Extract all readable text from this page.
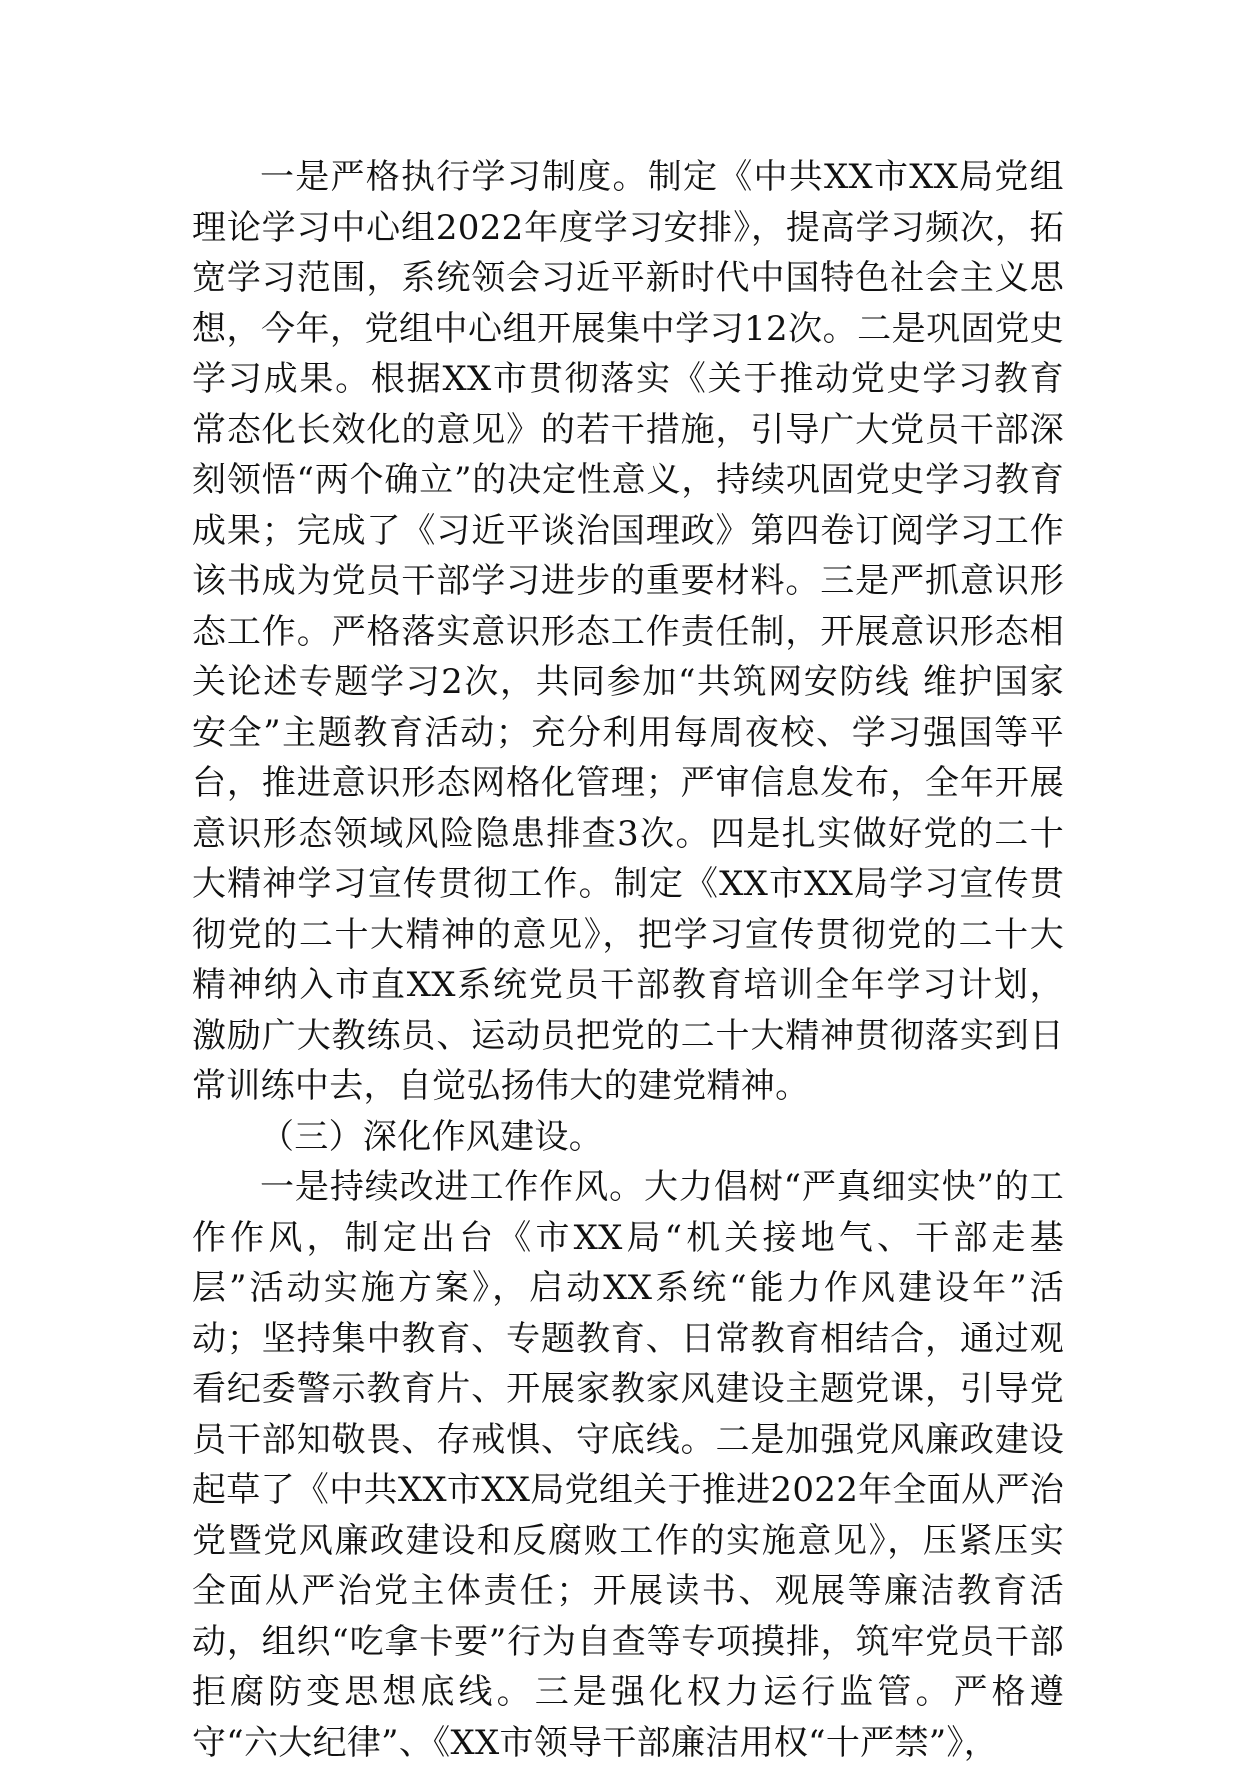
一是严格执行学习制度。制定《中共XX市XX局党组理论学习中心组2022年度学习安排》，提高学习频次，拓宽学习范围，系统领会习近平新时代中国特色社会主义思想，今年，党组中心组开展集中学习12次。二是巩固党史学习成果。根据XX市贯彻落实《关于推动党史学习教育常态化长效化的意见》的若干措施，引导广大党员干部深刻领悟“两个确立”的决定性意义，持续巩固党史学习教育成果；完成了《习近平谈治国理政》第四卷订阅学习工作该书成为党员干部学习进步的重要材料。三是严抓意识形态工作。严格落实意识形态工作责任制，开展意识形态相关论述专题学习2次，共同参加“共筑网安防线 维护国家安全”主题教育活动；充分利用每周夜校、学习强国等平台，推进意识形态网格化管理；严审信息发布，全年开展意识形态领域风险隐患排查3次。四是扎实做好党的二十大精神学习宣传贯彻工作。制定《XX市XX局学习宣传贯彻党的二十大精神的意见》，把学习宣传贯彻党的二十大精神纳入市直XX系统党员干部教育培训全年学习计划，激励广大教练员、运动员把党的二十大精神贯彻落实到日常训练中去，自觉弘扬伟大的建党精神。

（三）深化作风建设。

一是持续改进工作作风。大力倡树“严真细实快”的工作作风，制定出台《市XX局“机关接地气、干部走基层”活动实施方案》，启动XX系统“能力作风建设年”活动；坚持集中教育、专题教育、日常教育相结合，通过观看纪委警示教育片、开展家教家风建设主题党课，引导党员干部知敬畏、存戒惧、守底线。二是加强党风廉政建设起草了《中共XX市XX局党组关于推进2022年全面从严治党暨党风廉政建设和反腐败工作的实施意见》，压紧压实全面从严治党主体责任；开展读书、观展等廉洁教育活动，组织“吃拿卡要”行为自查等专项摸排，筑牢党员干部拒腐防变思想底线。三是强化权力运行监管。严格遵守“六大纪律”、《XX市领导干部廉洁用权“十严禁”》，
